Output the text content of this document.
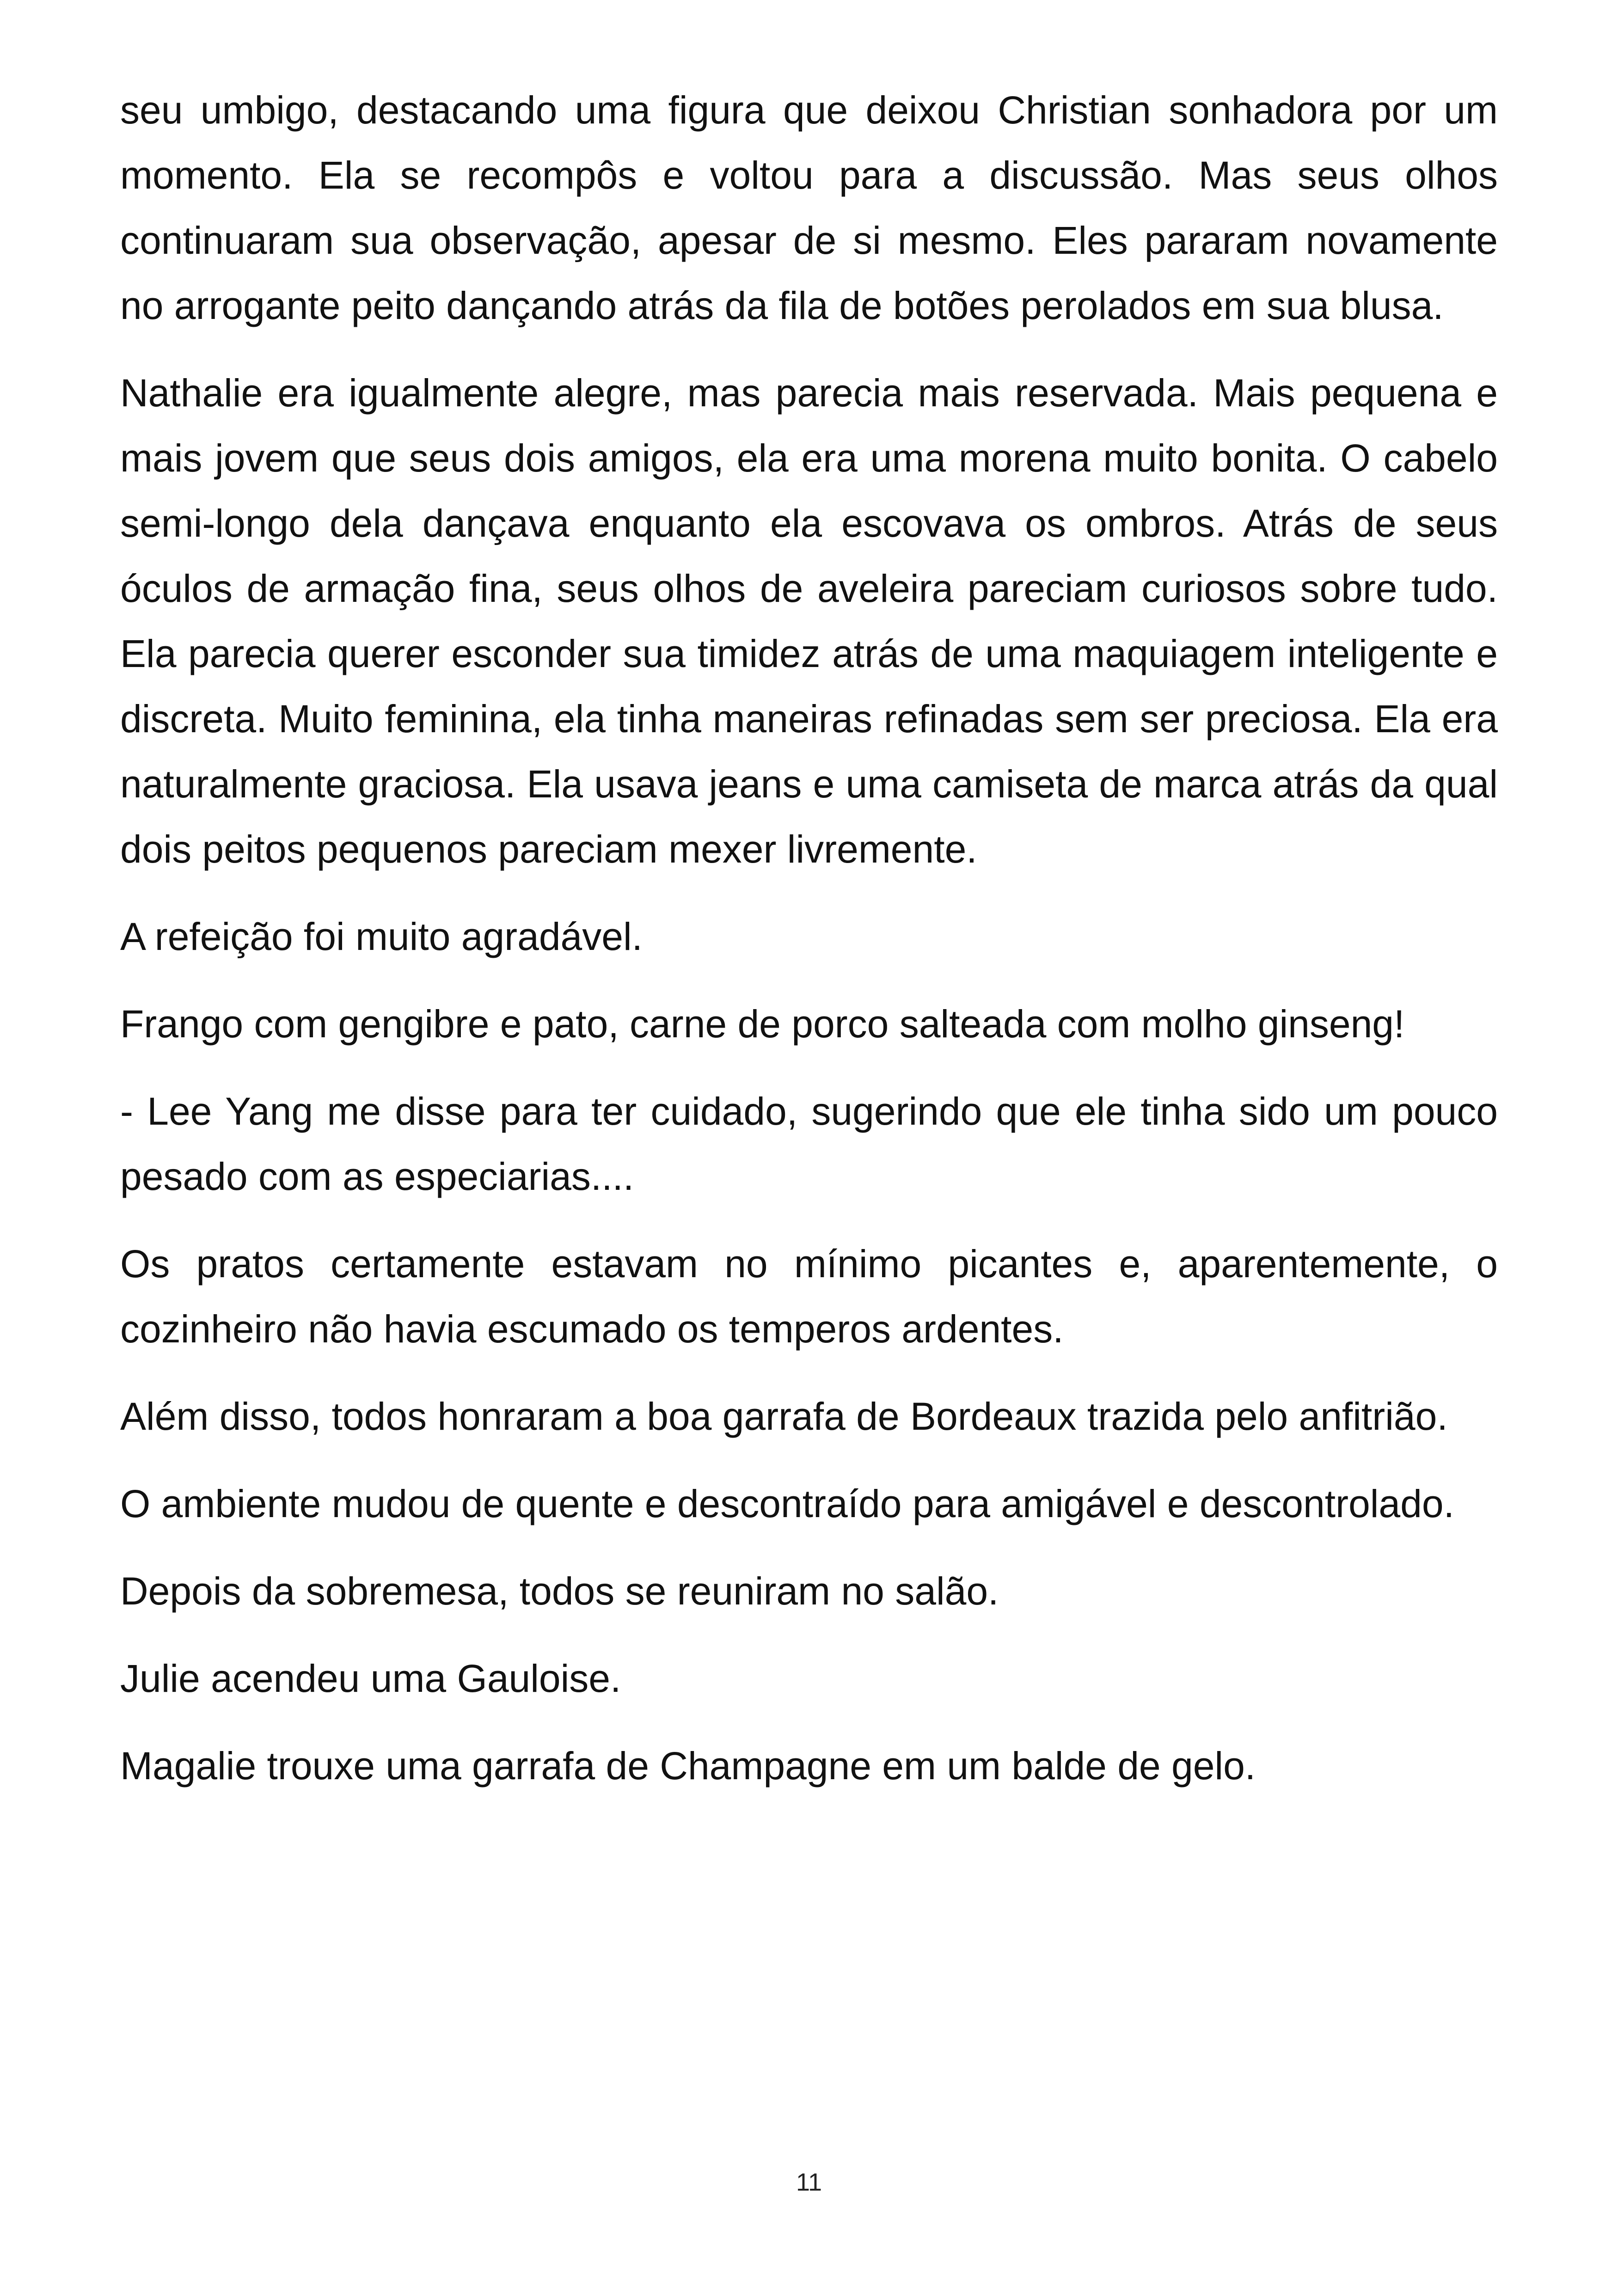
seu umbigo, destacando uma figura que deixou Christian sonhadora por um momento. Ela se recompôs e voltou para a discussão. Mas seus olhos continuaram sua observação, apesar de si mesmo. Eles pararam novamente no arrogante peito dançando atrás da fila de botões perolados em sua blusa.

Nathalie era igualmente alegre, mas parecia mais reservada. Mais pequena e mais jovem que seus dois amigos, ela era uma morena muito bonita. O cabelo semi-longo dela dançava enquanto ela escovava os ombros. Atrás de seus óculos de armação fina, seus olhos de aveleira pareciam curiosos sobre tudo. Ela parecia querer esconder sua timidez atrás de uma maquiagem inteligente e discreta. Muito feminina, ela tinha maneiras refinadas sem ser preciosa. Ela era naturalmente graciosa. Ela usava jeans e uma camiseta de marca atrás da qual dois peitos pequenos pareciam mexer livremente.

A refeição foi muito agradável.

Frango com gengibre e pato, carne de porco salteada com molho ginseng!

- Lee Yang me disse para ter cuidado, sugerindo que ele tinha sido um pouco pesado com as especiarias....

Os pratos certamente estavam no mínimo picantes e, aparentemente, o cozinheiro não havia escumado os temperos ardentes.

Além disso, todos honraram a boa garrafa de Bordeaux trazida pelo anfitrião.

O ambiente mudou de quente e descontraído para amigável e descontrolado.

Depois da sobremesa, todos se reuniram no salão.

Julie acendeu uma Gauloise.

Magalie trouxe uma garrafa de Champagne em um balde de gelo.

11
